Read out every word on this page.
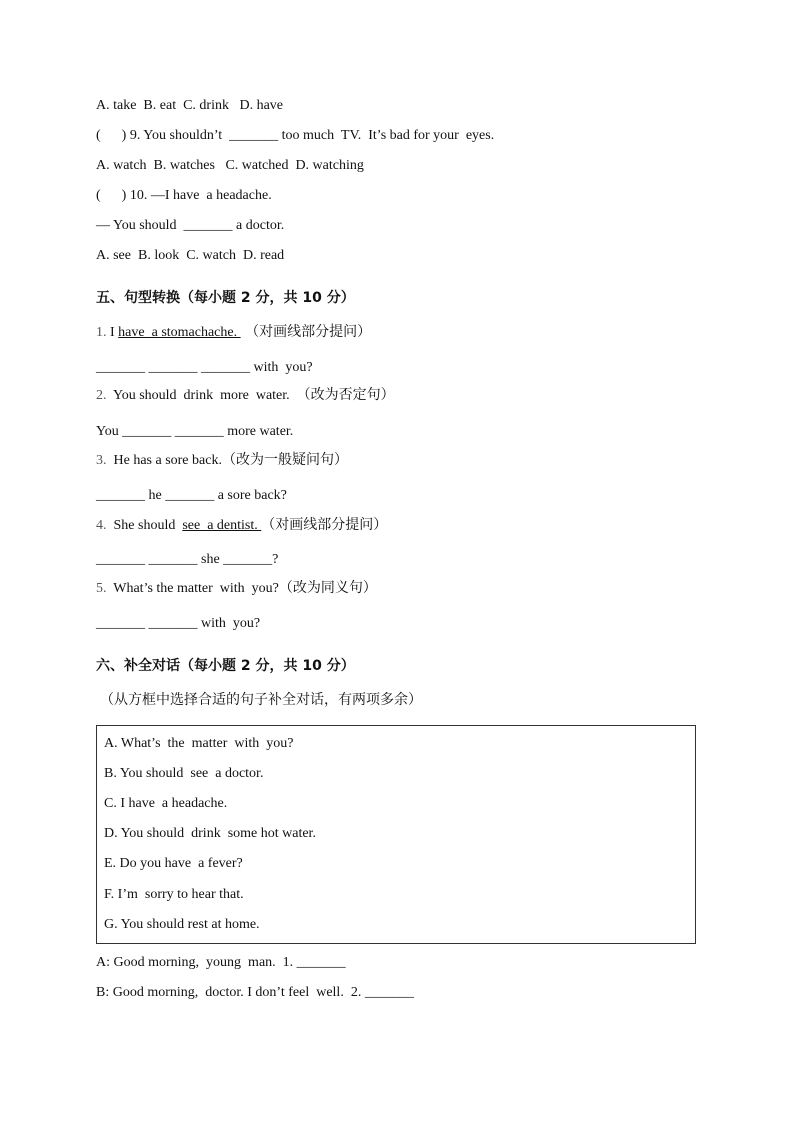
A. take  B. eat  C. drink   D. have
(      ) 9. You shouldn’t  _______ too much  TV.  It’s bad for your  eyes.
A. watch  B. watches   C. watched  D. watching
(      ) 10. —I have  a headache.
— You should  _______ a doctor.
A. see  B. look  C. watch  D. read
五、句型转换（每小题 2 分，共 10 分）
1. I have  a stomachache.  （对画线部分提问）
_______ _______ _______ with  you?
2.  You should  drink  more  water.  （改为否定句）
You _______ _______ more water.
3.  He has a sore back.（改为一般疑问句）
_______ he _______ a sore back?
4.  She should  see  a dentist. （对画线部分提问）
_______ _______ she _______?
5.  What’s the matter  with  you?（改为同义句）
_______ _______ with  you?
六、补全对话（每小题 2 分，共 10 分）
（从方框中选择合适的句子补全对话，有两项多余）
A. What’s  the  matter  with  you?
B. You should  see  a doctor.
C. I have  a headache.
D. You should  drink  some hot water.
E. Do you have  a fever?
F. I’m  sorry to hear that.
G. You should rest at home.
A: Good morning,  young  man.  1. _______
B: Good morning,  doctor. I don’t feel  well.  2. _______
